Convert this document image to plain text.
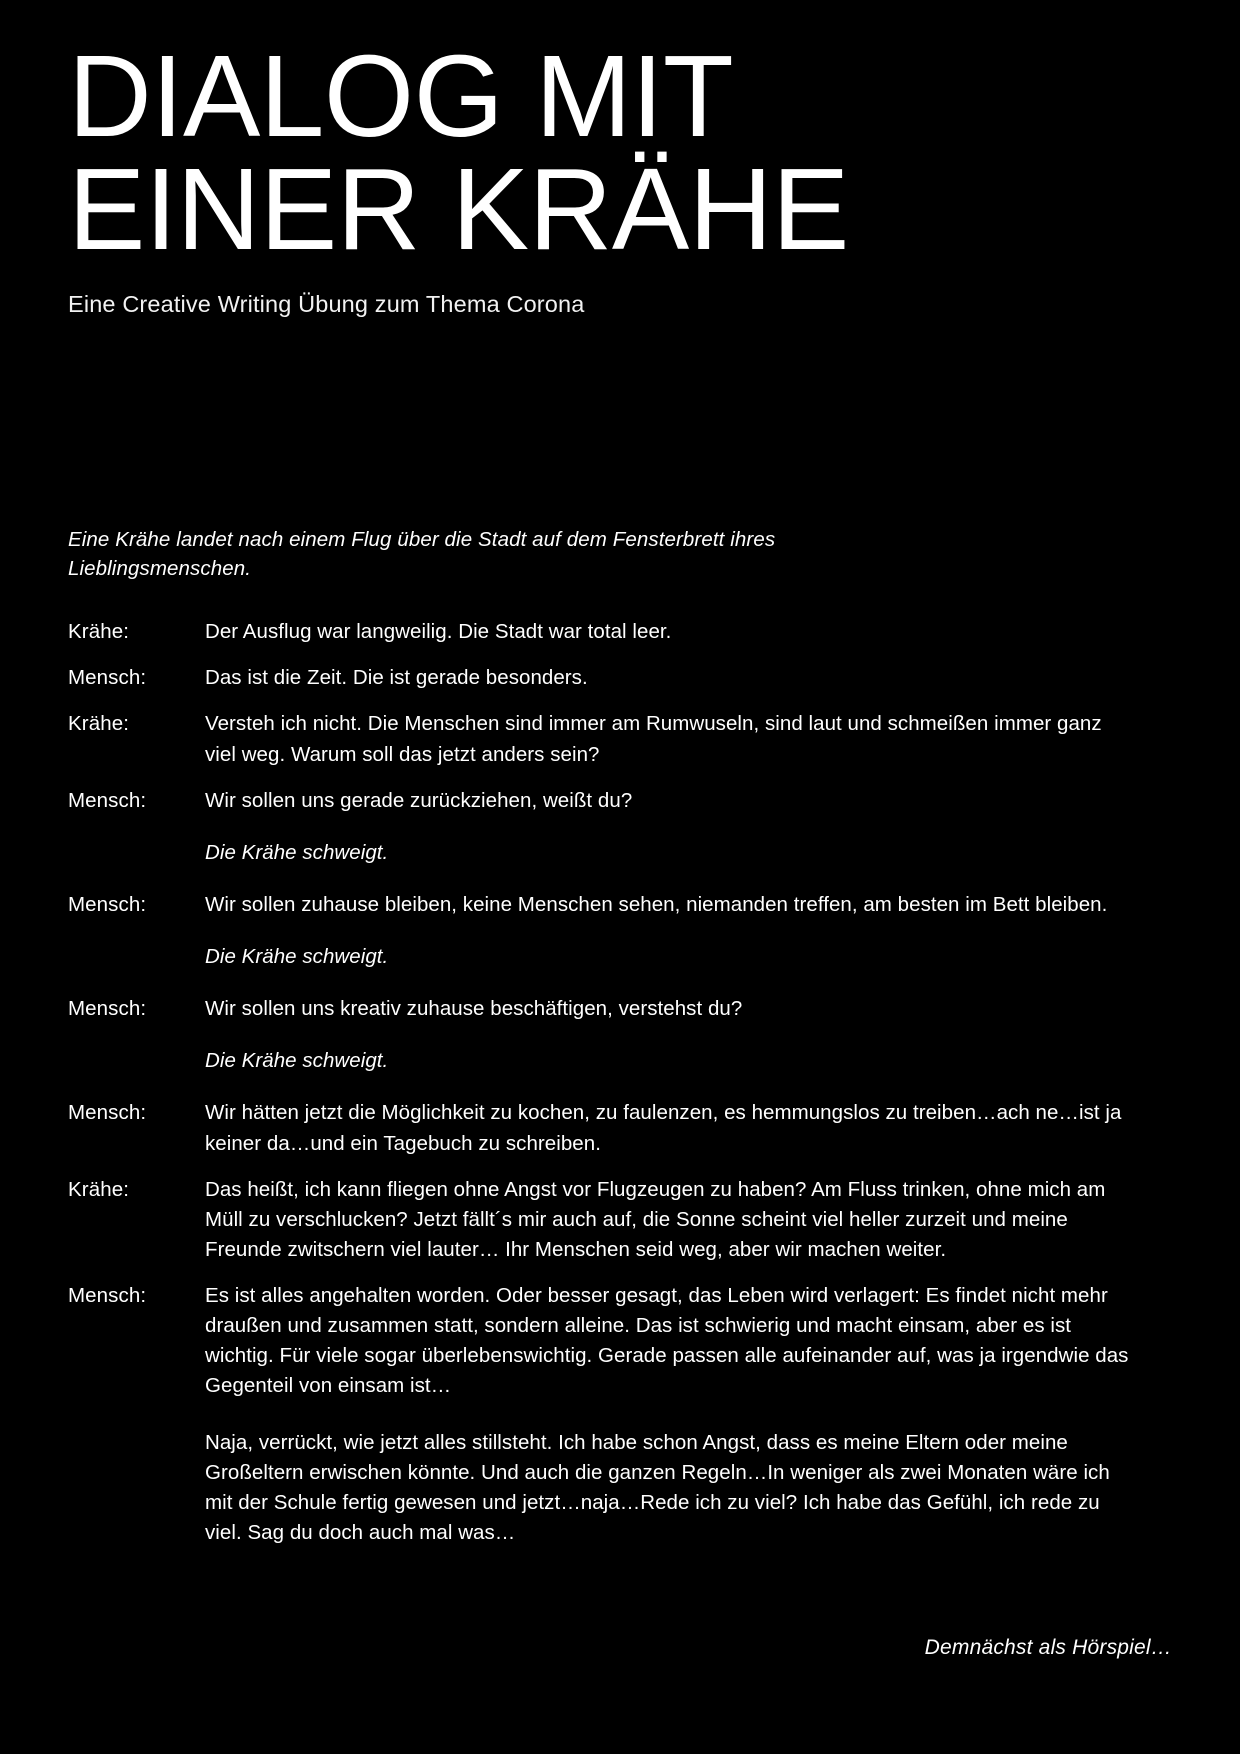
DIALOG MIT
EINER KRÄHE
Eine Creative Writing Übung zum Thema Corona
Eine Krähe landet nach einem Flug über die Stadt auf dem Fensterbrett ihres Lieblingsmenschen.
Krähe:	Der Ausflug war langweilig. Die Stadt war total leer.
Mensch:	Das ist die Zeit. Die ist gerade besonders.
Krähe:	Versteh ich nicht. Die Menschen sind immer am Rumwuseln, sind laut und schmeißen immer ganz viel weg. Warum soll das jetzt anders sein?
Mensch:	Wir sollen uns gerade zurückziehen, weißt du?
Die Krähe schweigt.
Mensch:	Wir sollen zuhause bleiben, keine Menschen sehen, niemanden treffen, am besten im Bett bleiben.
Die Krähe schweigt.
Mensch:	Wir sollen uns kreativ zuhause beschäftigen, verstehst du?
Die Krähe schweigt.
Mensch:	Wir hätten jetzt die Möglichkeit zu kochen, zu faulenzen, es hemmungslos zu treiben…ach ne…ist ja keiner da…und ein Tagebuch zu schreiben.
Krähe:	Das heißt, ich kann fliegen ohne Angst vor Flugzeugen zu haben? Am Fluss trinken, ohne mich am Müll zu verschlucken? Jetzt fällt´s mir auch auf, die Sonne scheint viel heller zurzeit und meine Freunde zwitschern viel lauter… Ihr Menschen seid weg, aber wir machen weiter.
Mensch:	Es ist alles angehalten worden. Oder besser gesagt, das Leben wird verlagert: Es findet nicht mehr draußen und zusammen statt, sondern alleine. Das ist schwierig und macht einsam, aber es ist wichtig. Für viele sogar überlebenswichtig. Gerade passen alle aufeinander auf, was ja irgendwie das Gegenteil von einsam ist…
Naja, verrückt, wie jetzt alles stillsteht. Ich habe schon Angst, dass es meine Eltern oder meine Großeltern erwischen könnte. Und auch die ganzen Regeln…In weniger als zwei Monaten wäre ich mit der Schule fertig gewesen und jetzt…naja…Rede ich zu viel? Ich habe das Gefühl, ich rede zu viel. Sag du doch auch mal was…
Demnächst als Hörspiel…
